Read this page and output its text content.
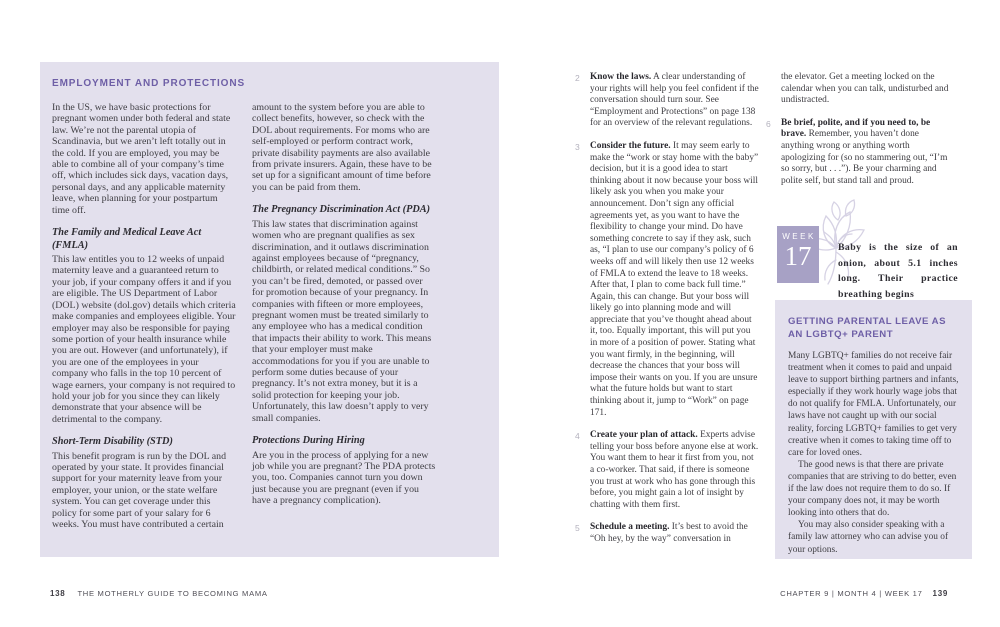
EMPLOYMENT AND PROTECTIONS

In the US, we have basic protections for pregnant women under both federal and state law. We’re not the parental utopia of Scandinavia, but we aren’t left totally out in the cold. If you are employed, you may be able to combine all of your company’s time off, which includes sick days, vacation days, personal days, and any applicable maternity leave, when planning for your postpartum time off.

The Family and Medical Leave Act (FMLA)

This law entitles you to 12 weeks of unpaid maternity leave and a guaranteed return to your job, if your company offers it and if you are eligible. The US Department of Labor (DOL) website (dol.gov) details which criteria make companies and employees eligible. Your employer may also be responsible for paying some portion of your health insurance while you are out. However (and unfortunately), if you are one of the employees in your company who falls in the top 10 percent of wage earners, your company is not required to hold your job for you since they can likely demonstrate that your absence will be detrimental to the company.

Short-Term Disability (STD)

This benefit program is run by the DOL and operated by your state. It provides financial support for your maternity leave from your employer, your union, or the state welfare system. You can get coverage under this policy for some part of your salary for 6 weeks. You must have contributed a certain

amount to the system before you are able to collect benefits, however, so check with the DOL about requirements. For moms who are self-employed or perform contract work, private disability payments are also available from private insurers. Again, these have to be set up for a significant amount of time before you can be paid from them.

The Pregnancy Discrimination Act (PDA)

This law states that discrimination against women who are pregnant qualifies as sex discrimination, and it outlaws discrimination against employees because of “pregnancy, childbirth, or related medical conditions.” So you can’t be fired, demoted, or passed over for promotion because of your pregnancy. In companies with fifteen or more employees, pregnant women must be treated similarly to any employee who has a medical condition that impacts their ability to work. This means that your employer must make accommodations for you if you are unable to perform some duties because of your pregnancy. It’s not extra money, but it is a solid protection for keeping your job. Unfortunately, this law doesn’t apply to very small companies.

Protections During Hiring

Are you in the process of applying for a new job while you are pregnant? The PDA protects you, too. Companies cannot turn you down just because you are pregnant (even if you have a pregnancy complication).

138 THE MOTHERLY GUIDE TO BECOMING MAMA
2	Know the laws. A clear understanding of your rights will help you feel confident if the conversation should turn sour. See “Employment and Protections” on page 138 for an overview of the relevant regulations.
3	Consider the future. It may seem early to make the “work or stay home with the baby” decision, but it is a good idea to start thinking about it now because your boss will likely ask you when you make your announcement. Don’t sign any official agreements yet, as you want to have the flexibility to change your mind. Do have something concrete to say if they ask, such as, “I plan to use our company’s policy of 6 weeks off and will likely then use 12 weeks of FMLA to extend the leave to 18 weeks. After that, I plan to come back full time.” Again, this can change. But your boss will likely go into planning mode and will appreciate that you’ve thought ahead about it, too. Equally important, this will put you in more of a position of power. Stating what you want firmly, in the beginning, will decrease the chances that your boss will impose their wants on you. If you are unsure what the future holds but want to start thinking about it, jump to “Work” on page 171.
4	Create your plan of attack. Experts advise telling your boss before anyone else at work. You want them to hear it first from you, not a co-worker. That said, if there is someone you trust at work who has gone through this before, you might gain a lot of insight by chatting with them first.
5	Schedule a meeting. It’s best to avoid the “Oh hey, by the way” conversation in
the elevator. Get a meeting locked on the calendar when you can talk, undisturbed and undistracted.
6	Be brief, polite, and if you need to, be brave. Remember, you haven’t done anything wrong or anything worth apologizing for (so no stammering out, “I’m so sorry, but . . .”). Be your charming and polite self, but stand tall and proud.
WEEK
17	Baby is the size of an onion, about 5.1 inches long. Their practice breathing begins
GETTING PARENTAL LEAVE AS AN LGBTQ+ PARENT

Many LGBTQ+ families do not receive fair treatment when it comes to paid and unpaid leave to support birthing partners and infants, especially if they work hourly wage jobs that do not qualify for FMLA. Unfortunately, our laws have not caught up with our social reality, forcing LGBTQ+ families to get very creative when it comes to taking time off to care for loved ones.

The good news is that there are private companies that are striving to do better, even if the law does not require them to do so. If your company does not, it may be worth looking into others that do.

You may also consider speaking with a family law attorney who can advise you of your options.

CHAPTER 9 | MONTH 4 | WEEK 17 139
